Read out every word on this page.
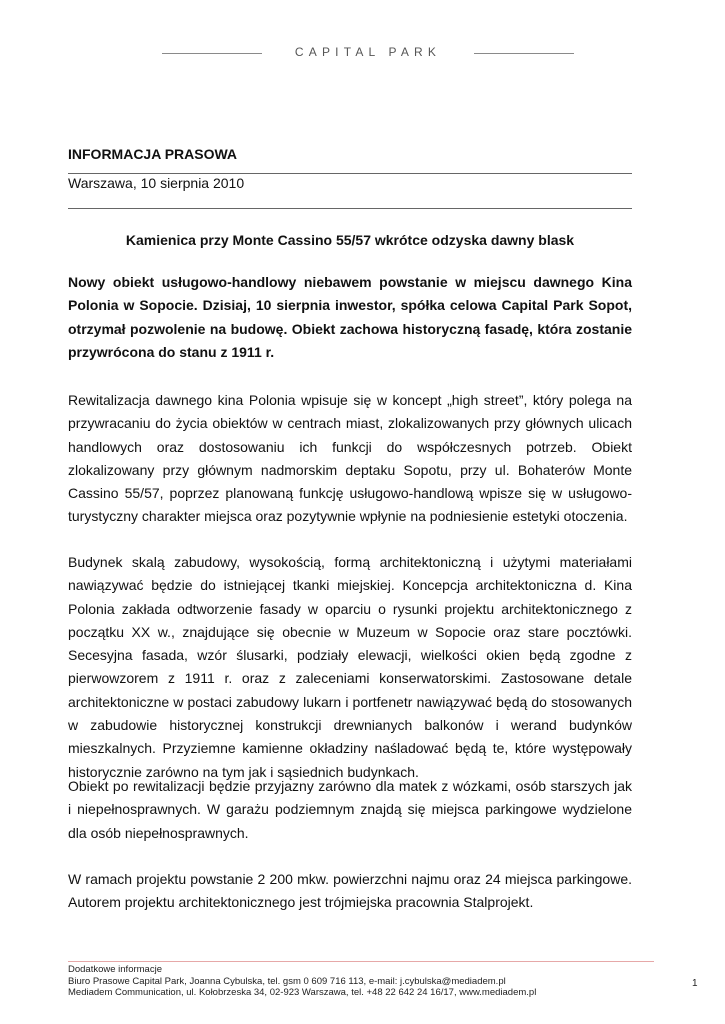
CAPITAL PARK
INFORMACJA PRASOWA
Warszawa, 10 sierpnia 2010
Kamienica przy Monte Cassino 55/57 wkrótce odzyska dawny blask

Nowy obiekt usługowo-handlowy niebawem powstanie w miejscu dawnego Kina Polonia w Sopocie. Dzisiaj, 10 sierpnia inwestor, spółka celowa Capital Park Sopot, otrzymał pozwolenie na budowę. Obiekt zachowa historyczną fasadę, która zostanie przywrócona do stanu z 1911 r.

Rewitalizacja dawnego kina Polonia wpisuje się w koncept „high street”, który polega na przywracaniu do życia obiektów w centrach miast, zlokalizowanych przy głównych ulicach handlowych oraz dostosowaniu ich funkcji do współczesnych potrzeb. Obiekt zlokalizowany przy głównym nadmorskim deptaku Sopotu, przy ul. Bohaterów Monte Cassino 55/57, poprzez planowaną funkcję usługowo-handlową wpisze się w usługowo-turystyczny charakter miejsca oraz pozytywnie wpłynie na podniesienie estetyki otoczenia.

Budynek skalą zabudowy, wysokością, formą architektoniczną i użytymi materiałami nawiązywać będzie do istniejącej tkanki miejskiej. Koncepcja architektoniczna d. Kina Polonia zakłada odtworzenie fasady w oparciu o rysunki projektu architektonicznego z początku XX w., znajdujące się obecnie w Muzeum w Sopocie oraz stare pocztówki. Secesyjna fasada, wzór ślusarki, podziały elewacji, wielkości okien będą zgodne z pierwowzorem z 1911 r. oraz z zaleceniami konserwatorskimi. Zastosowane detale architektoniczne w postaci zabudowy lukarn i portfenetr nawiązywać będą do stosowanych w zabudowie historycznej konstrukcji drewnianych balkonów i werand budynków mieszkalnych. Przyziemne kamienne okładziny naśladować będą te, które występowały historycznie zarówno na tym jak i sąsiednich budynkach.

Obiekt po rewitalizacji będzie przyjazny zarówno dla matek z wózkami, osób starszych jak i niepełnosprawnych. W garażu podziemnym znajdą się miejsca parkingowe wydzielone dla osób niepełnosprawnych.

W ramach projektu powstanie 2 200 mkw. powierzchni najmu oraz 24 miejsca parkingowe. Autorem projektu architektonicznego jest trójmiejska pracownia Stalprojekt.

Dodatkowe informacje
Biuro Prasowe Capital Park, Joanna Cybulska, tel. gsm 0 609 716 113, e-mail: j.cybulska@mediadem.pl
Mediadem Communication, ul. Kołobrzeska 34, 02-923 Warszawa, tel. +48 22 642 24 16/17, www.mediadem.pl
1
